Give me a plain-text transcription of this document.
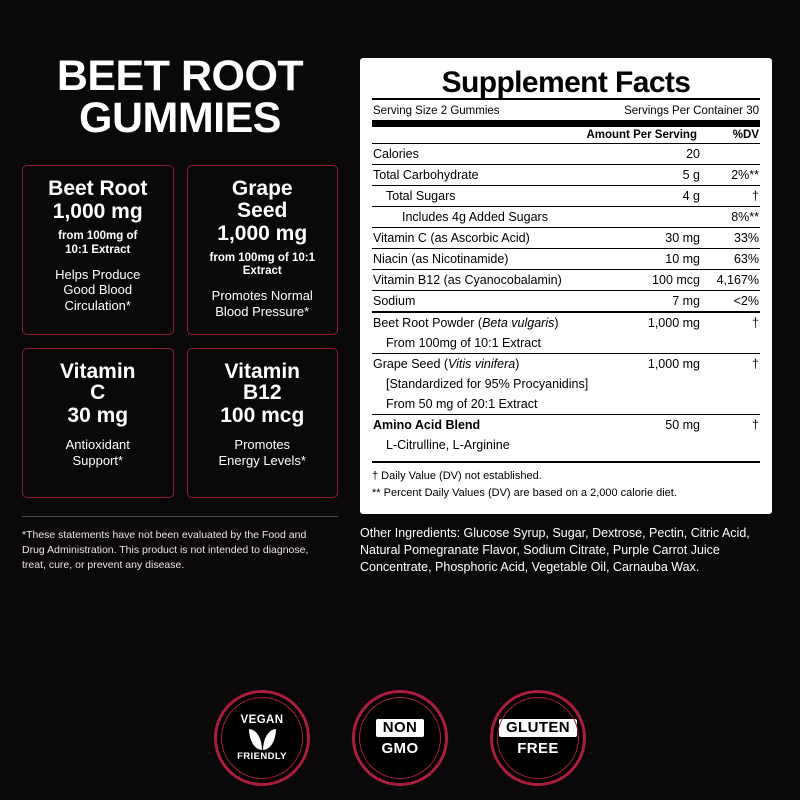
BEET ROOT
GUMMIES
Beet Root
1,000 mg
from 100mg of
10:1 Extract
Helps Produce
Good Blood
Circulation*
Grape
Seed
1,000 mg
from 100mg of 10:1
Extract
Promotes Normal
Blood Pressure*
Vitamin
C
30 mg
Antioxidant
Support*
Vitamin
B12
100 mcg
Promotes
Energy Levels*
*These statements have not been evaluated by the Food and Drug Administration. This product is not intended to diagnose, treat, cure, or prevent any disease.
Supplement Facts
Serving Size 2 Gummies	Servings Per Container 30
Amount Per Serving	%DV
Calories	20	
Total Carbohydrate	5 g	2%**
Total Sugars	4 g	†
Includes 4g Added Sugars		8%**
Vitamin C (as Ascorbic Acid)	30 mg	33%
Niacin (as Nicotinamide)	10 mg	63%
Vitamin B12 (as Cyanocobalamin)	100 mcg	4,167%
Sodium	7 mg	<2%
Beet Root Powder (Beta vulgaris)	1,000 mg	†
From 100mg of 10:1 Extract		
Grape Seed (Vitis vinifera)	1,000 mg	†
[Standardized for 95% Procyanidins]		
From 50 mg of 20:1 Extract		
Amino Acid Blend	50 mg	†
L-Citrulline, L-Arginine		
† Daily Value (DV) not established.
** Percent Daily Values (DV) are based on a 2,000 calorie diet.
Other Ingredients: Glucose Syrup, Sugar, Dextrose, Pectin, Citric Acid, Natural Pomegranate Flavor, Sodium Citrate, Purple Carrot Juice Concentrate, Phosphoric Acid, Vegetable Oil, Carnauba Wax.
VEGAN
FRIENDLY
NON
GMO
GLUTEN
FREE
